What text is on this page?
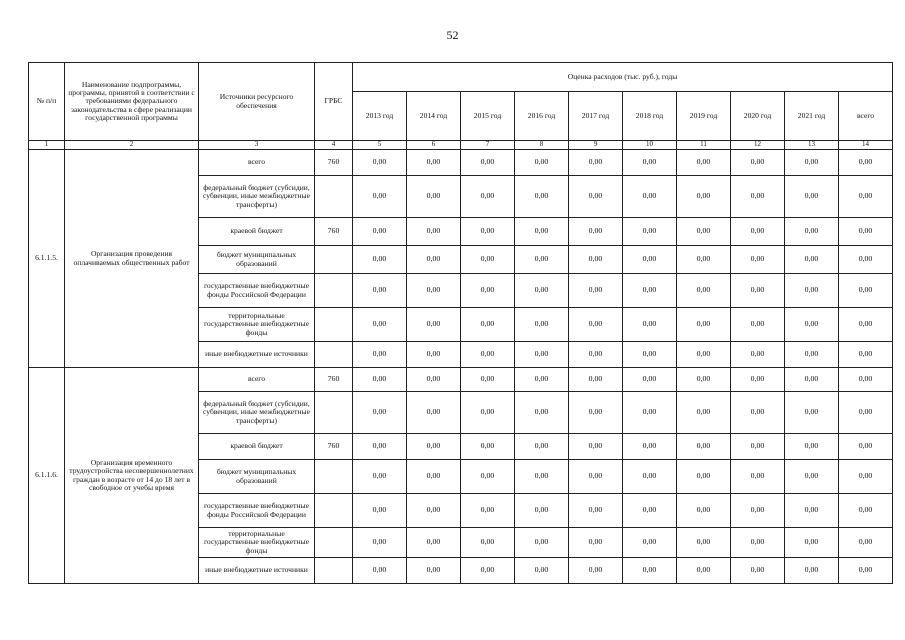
52
№ п/п	Наименование подпрограммы, программы, принятой в соответствии с требованиями федерального законодательства в сфере реализации государственной программы	Источники ресурсного обеспечения	ГРБС	Оценка расходов (тыс. руб.), годы									
				2013 год	2014 год	2015 год	2016 год	2017 год	2018 год	2019 год	2020 год	2021 год	всего
1	2	3	4	5	6	7	8	9	10	11	12	13	14
6.1.1.5.	Организация проведения оплачиваемых общественных работ	всего	760	0,00	0,00	0,00	0,00	0,00	0,00	0,00	0,00	0,00	0,00
		федеральный бюджет (субсидии, субвенции, иные межбюджетные трансферты)		0,00	0,00	0,00	0,00	0,00	0,00	0,00	0,00	0,00	0,00
		краевой бюджет	760	0,00	0,00	0,00	0,00	0,00	0,00	0,00	0,00	0,00	0,00
		бюджет муниципальных образований		0,00	0,00	0,00	0,00	0,00	0,00	0,00	0,00	0,00	0,00
		государственные внебюджетные фонды Российской Федерации		0,00	0,00	0,00	0,00	0,00	0,00	0,00	0,00	0,00	0,00
		территориальные государственные внебюджетные фонды		0,00	0,00	0,00	0,00	0,00	0,00	0,00	0,00	0,00	0,00
		иные внебюджетные источники		0,00	0,00	0,00	0,00	0,00	0,00	0,00	0,00	0,00	0,00
6.1.1.6.	Организация временного трудоустройства несовершеннолетних граждан в возрасте от 14 до 18 лет в свободное от учебы время	всего	760	0,00	0,00	0,00	0,00	0,00	0,00	0,00	0,00	0,00	0,00
		федеральный бюджет (субсидии, субвенции, иные межбюджетные трансферты)		0,00	0,00	0,00	0,00	0,00	0,00	0,00	0,00	0,00	0,00
		краевой бюджет	760	0,00	0,00	0,00	0,00	0,00	0,00	0,00	0,00	0,00	0,00
		бюджет муниципальных образований		0,00	0,00	0,00	0,00	0,00	0,00	0,00	0,00	0,00	0,00
		государственные внебюджетные фонды Российской Федерации		0,00	0,00	0,00	0,00	0,00	0,00	0,00	0,00	0,00	0,00
		территориальные государственные внебюджетные фонды		0,00	0,00	0,00	0,00	0,00	0,00	0,00	0,00	0,00	0,00
		иные внебюджетные источники		0,00	0,00	0,00	0,00	0,00	0,00	0,00	0,00	0,00	0,00
